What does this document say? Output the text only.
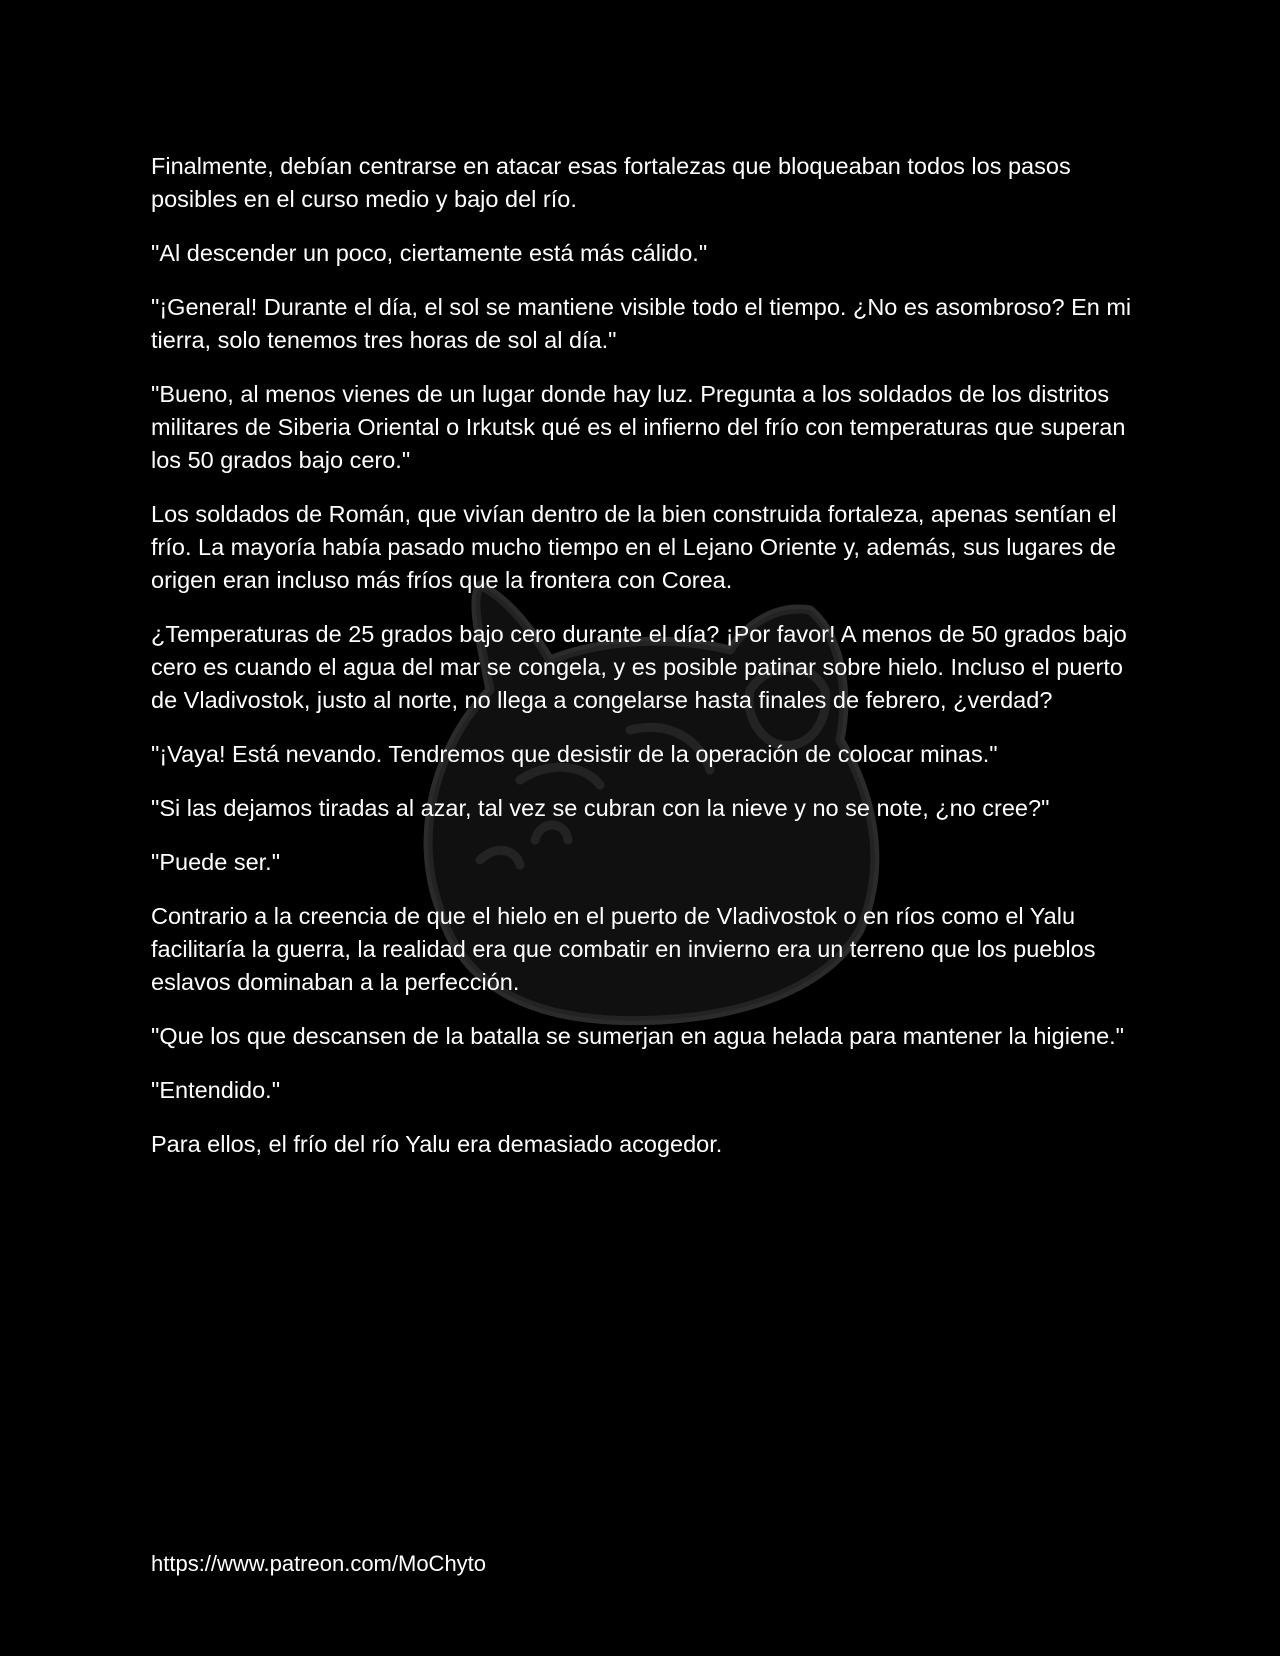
Finalmente, debían centrarse en atacar esas fortalezas que bloqueaban todos los pasos posibles en el curso medio y bajo del río.

"Al descender un poco, ciertamente está más cálido."

"¡General! Durante el día, el sol se mantiene visible todo el tiempo. ¿No es asombroso? En mi tierra, solo tenemos tres horas de sol al día."

"Bueno, al menos vienes de un lugar donde hay luz. Pregunta a los soldados de los distritos militares de Siberia Oriental o Irkutsk qué es el infierno del frío con temperaturas que superan los 50 grados bajo cero."

Los soldados de Román, que vivían dentro de la bien construida fortaleza, apenas sentían el frío. La mayoría había pasado mucho tiempo en el Lejano Oriente y, además, sus lugares de origen eran incluso más fríos que la frontera con Corea.

¿Temperaturas de 25 grados bajo cero durante el día? ¡Por favor! A menos de 50 grados bajo cero es cuando el agua del mar se congela, y es posible patinar sobre hielo. Incluso el puerto de Vladivostok, justo al norte, no llega a congelarse hasta finales de febrero, ¿verdad?

"¡Vaya! Está nevando. Tendremos que desistir de la operación de colocar minas."

"Si las dejamos tiradas al azar, tal vez se cubran con la nieve y no se note, ¿no cree?"

"Puede ser."

Contrario a la creencia de que el hielo en el puerto de Vladivostok o en ríos como el Yalu facilitaría la guerra, la realidad era que combatir en invierno era un terreno que los pueblos eslavos dominaban a la perfección.

"Que los que descansen de la batalla se sumerjan en agua helada para mantener la higiene."

"Entendido."

Para ellos, el frío del río Yalu era demasiado acogedor.

https://www.patreon.com/MoChyto
